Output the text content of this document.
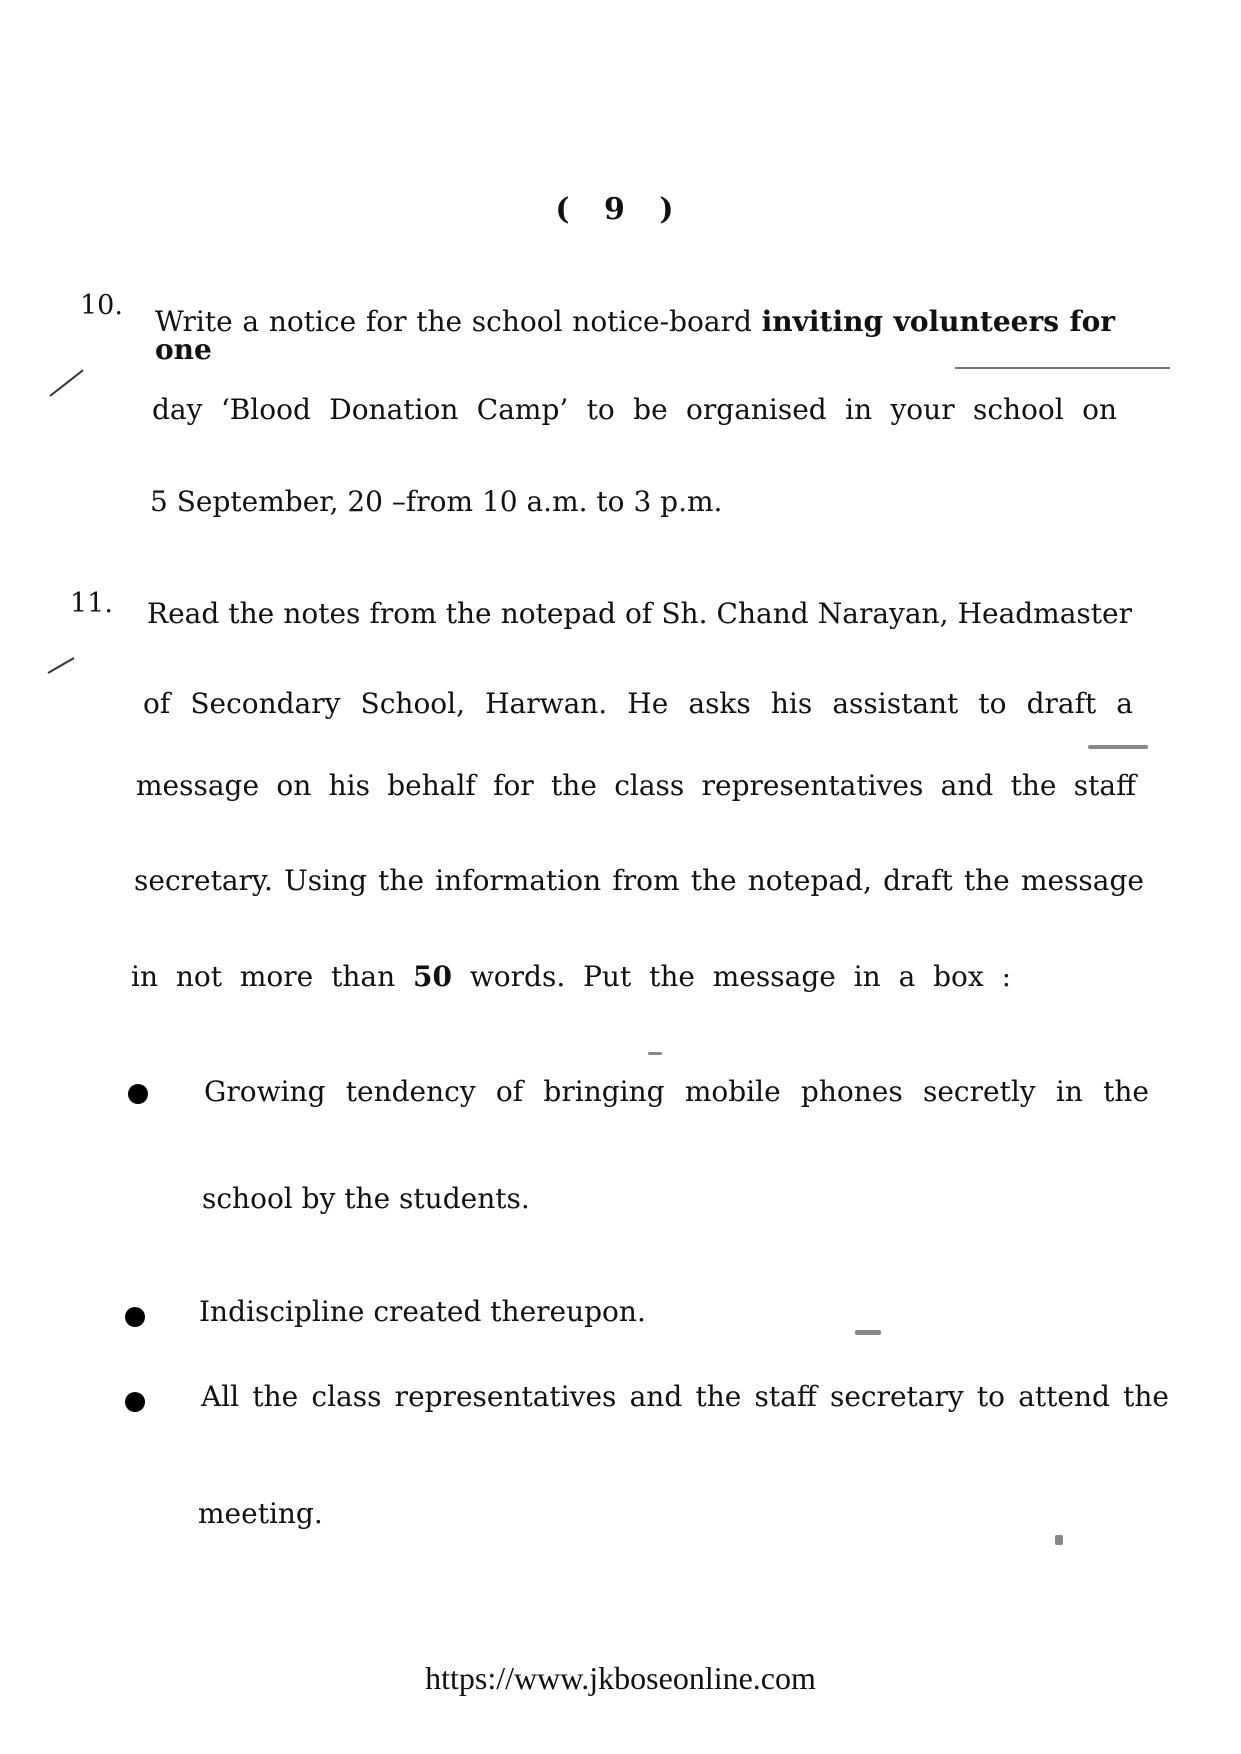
( 9 )
10. Write a notice for the school notice-board inviting volunteers for one
day ‘Blood Donation Camp’ to be organised in your school on
5 September, 20 –from 10 a.m. to 3 p.m.
11. Read the notes from the notepad of Sh. Chand Narayan, Headmaster
of Secondary School, Harwan. He asks his assistant to draft a
message on his behalf for the class representatives and the staff
secretary. Using the information from the notepad, draft the message
in not more than 50 words. Put the message in a box :
Growing tendency of bringing mobile phones secretly in the
school by the students.
Indiscipline created thereupon.
All the class representatives and the staff secretary to attend the
meeting.
https://www.jkboseonline.com
